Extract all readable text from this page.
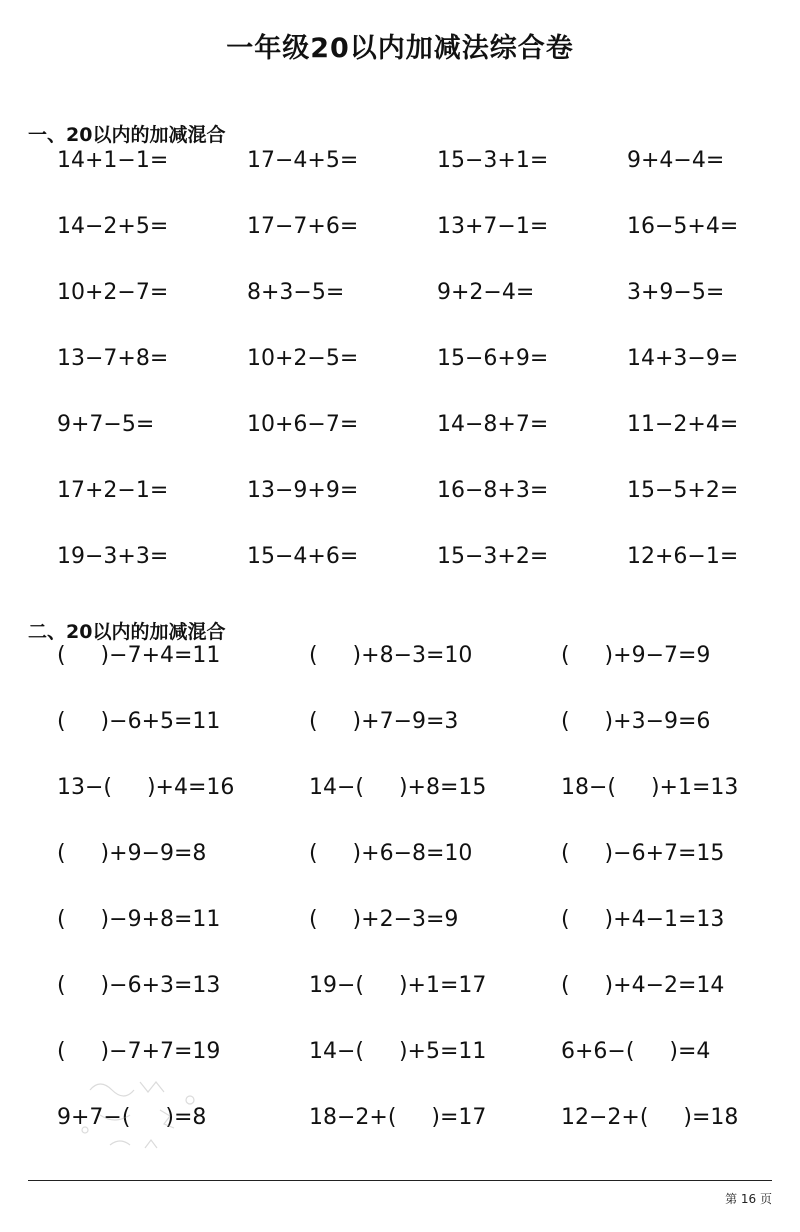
一年级20以内加减法综合卷
一、20以内的加减混合
14+1−1=	17−4+5=	15−3+1=	9+4−4=
14−2+5=	17−7+6=	13+7−1=	16−5+4=
10+2−7=	8+3−5=	9+2−4=	3+9−5=
13−7+8=	10+2−5=	15−6+9=	14+3−9=
9+7−5=	10+6−7=	14−8+7=	11−2+4=
17+2−1=	13−9+9=	16−8+3=	15−5+2=
19−3+3=	15−4+6=	15−3+2=	12+6−1=
二、20以内的加减混合
(     )−7+4=11	(     )+8−3=10	(     )+9−7=9
(     )−6+5=11	(     )+7−9=3	(     )+3−9=6
13−(     )+4=16	14−(     )+8=15	18−(     )+1=13
(     )+9−9=8	(     )+6−8=10	(     )−6+7=15
(     )−9+8=11	(     )+2−3=9	(     )+4−1=13
(     )−6+3=13	19−(     )+1=17	(     )+4−2=14
(     )−7+7=19	14−(     )+5=11	6+6−(     )=4
9+7−(     )=8	18−2+(     )=17	12−2+(     )=18
第 16 页
